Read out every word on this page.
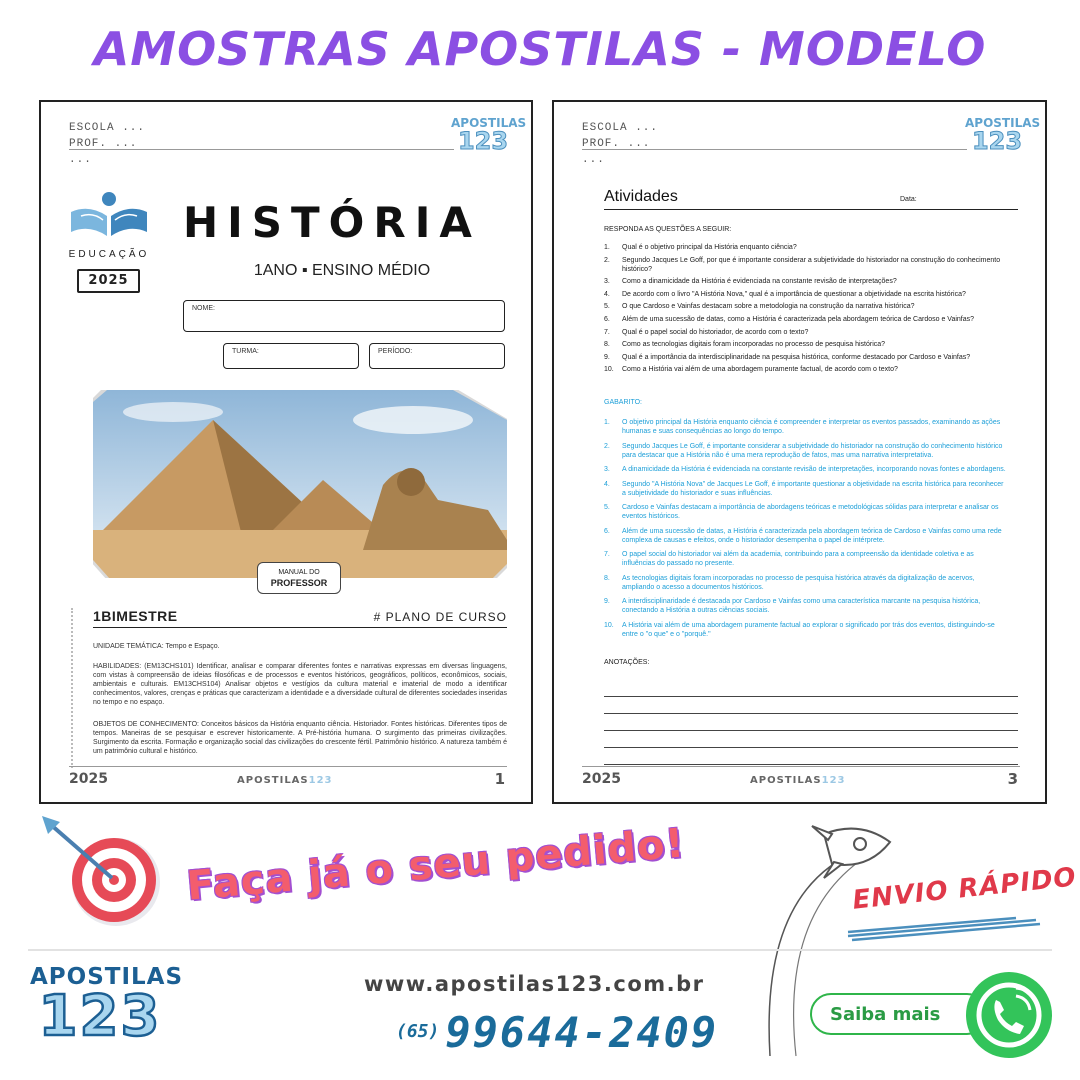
AMOSTRAS APOSTILAS - MODELO
ESCOLA ...
PROF. ...
...
APOSTILAS
123
EDUCAÇÃO
2025
HISTÓRIA
1ANO ▪ ENSINO MÉDIO
NOME:
TURMA:	PERÍODO:
MANUAL DO
PROFESSOR
1BIMESTRE	# PLANO DE CURSO
UNIDADE TEMÁTICA: Tempo e Espaço.
HABILIDADES: (EM13CHS101) Identificar, analisar e comparar diferentes fontes e narrativas expressas em diversas linguagens, com vistas à compreensão de ideias filosóficas e de processos e eventos históricos, geográficos, políticos, econômicos, sociais, ambientais e culturais. EM13CHS104) Analisar objetos e vestígios da cultura material e imaterial de modo a identificar conhecimentos, valores, crenças e práticas que caracterizam a identidade e a diversidade cultural de diferentes sociedades inseridas no tempo e no espaço.
OBJETOS DE CONHECIMENTO: Conceitos básicos da História enquanto ciência. Historiador. Fontes históricas. Diferentes tipos de tempos. Maneiras de se pesquisar e escrever historicamente. A Pré-história humana. O surgimento das primeiras civilizações. Surgimento da escrita. Formação e organização social das civilizações do crescente fértil. Patrimônio histórico. A natureza também é um patrimônio cultural e histórico.
2025	APOSTILAS123	1
ESCOLA ...
PROF. ...
...
APOSTILAS
123
Atividades	Data:
RESPONDA AS QUESTÕES A SEGUIR:
1.	Qual é o objetivo principal da História enquanto ciência?
2.	Segundo Jacques Le Goff, por que é importante considerar a subjetividade do historiador na construção do conhecimento histórico?
3.	Como a dinamicidade da História é evidenciada na constante revisão de interpretações?
4.	De acordo com o livro "A História Nova," qual é a importância de questionar a objetividade na escrita histórica?
5.	O que Cardoso e Vainfas destacam sobre a metodologia na construção da narrativa histórica?
6.	Além de uma sucessão de datas, como a História é caracterizada pela abordagem teórica de Cardoso e Vainfas?
7.	Qual é o papel social do historiador, de acordo com o texto?
8.	Como as tecnologias digitais foram incorporadas no processo de pesquisa histórica?
9.	Qual é a importância da interdisciplinaridade na pesquisa histórica, conforme destacado por Cardoso e Vainfas?
10.	Como a História vai além de uma abordagem puramente factual, de acordo com o texto?
GABARITO:
1.	O objetivo principal da História enquanto ciência é compreender e interpretar os eventos passados, examinando as ações humanas e suas consequências ao longo do tempo.
2.	Segundo Jacques Le Goff, é importante considerar a subjetividade do historiador na construção do conhecimento histórico para destacar que a História não é uma mera reprodução de fatos, mas uma narrativa interpretativa.
3.	A dinamicidade da História é evidenciada na constante revisão de interpretações, incorporando novas fontes e abordagens.
4.	Segundo "A História Nova" de Jacques Le Goff, é importante questionar a objetividade na escrita histórica para reconhecer a subjetividade do historiador e suas influências.
5.	Cardoso e Vainfas destacam a importância de abordagens teóricas e metodológicas sólidas para interpretar e analisar os eventos históricos.
6.	Além de uma sucessão de datas, a História é caracterizada pela abordagem teórica de Cardoso e Vainfas como uma rede complexa de causas e efeitos, onde o historiador desempenha o papel de intérprete.
7.	O papel social do historiador vai além da academia, contribuindo para a compreensão da identidade coletiva e as influências do passado no presente.
8.	As tecnologias digitais foram incorporadas no processo de pesquisa histórica através da digitalização de acervos, ampliando o acesso a documentos históricos.
9.	A interdisciplinaridade é destacada por Cardoso e Vainfas como uma característica marcante na pesquisa histórica, conectando a História a outras ciências sociais.
10.	A História vai além de uma abordagem puramente factual ao explorar o significado por trás dos eventos, distinguindo-se entre o "o que" e o "porquê."
ANOTAÇÕES:
2025	APOSTILAS123	3
Faça já o seu pedido!	ENVIO RÁPIDO
APOSTILAS
123	www.apostilas123.com.br
(65) 99644-2409	Saiba mais
